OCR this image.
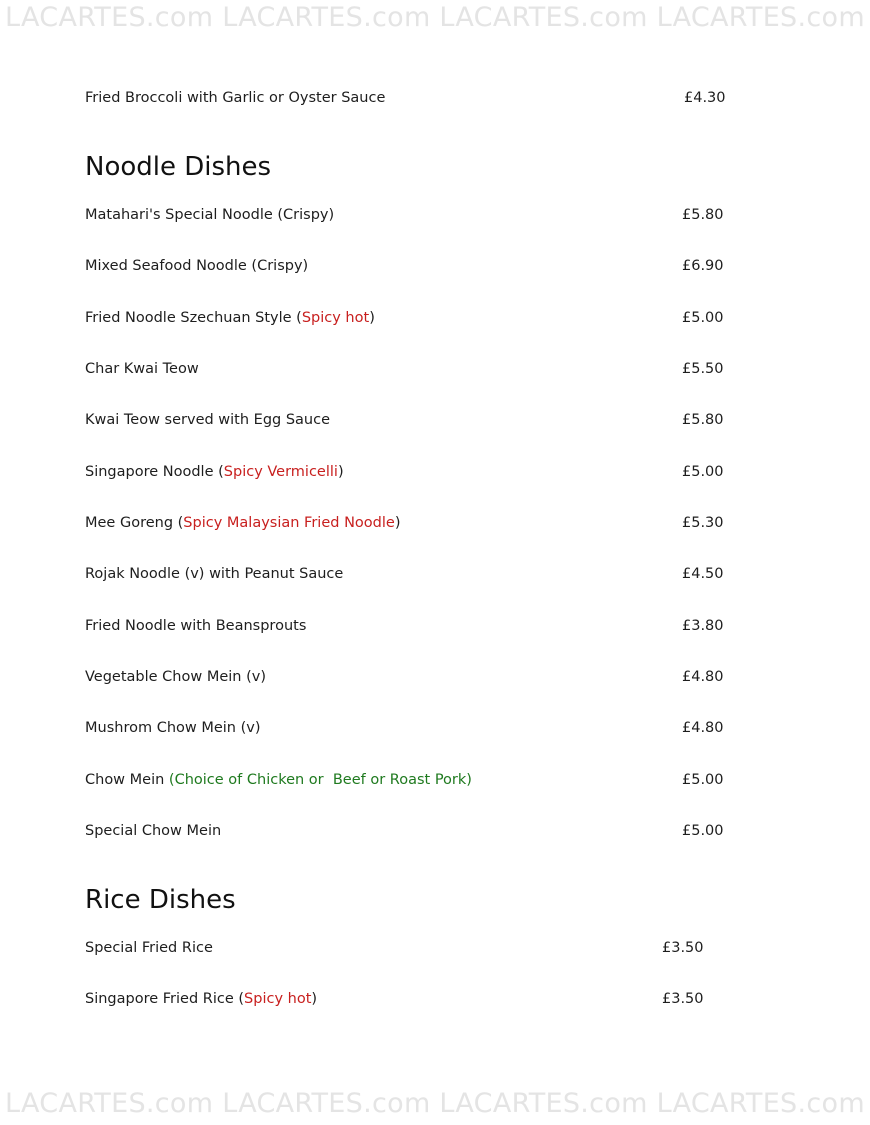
LACARTES.com LACARTES.com LACARTES.com LACARTES.com
Fried Broccoli with Garlic or Oyster Sauce	£4.30
Noodle Dishes
Matahari's Special Noodle (Crispy)	£5.80
Mixed Seafood Noodle (Crispy)	£6.90
Fried Noodle Szechuan Style (Spicy hot)	£5.00
Char Kwai Teow	£5.50
Kwai Teow served with Egg Sauce	£5.80
Singapore Noodle (Spicy Vermicelli)	£5.00
Mee Goreng (Spicy Malaysian Fried Noodle)	£5.30
Rojak Noodle (v) with Peanut Sauce	£4.50
Fried Noodle with Beansprouts	£3.80
Vegetable Chow Mein (v)	£4.80
Mushrom Chow Mein (v)	£4.80
Chow Mein (Choice of Chicken or  Beef or Roast Pork)	£5.00
Special Chow Mein	£5.00
Rice Dishes
Special Fried Rice	£3.50
Singapore Fried Rice (Spicy hot)	£3.50
LACARTES.com LACARTES.com LACARTES.com LACARTES.com
